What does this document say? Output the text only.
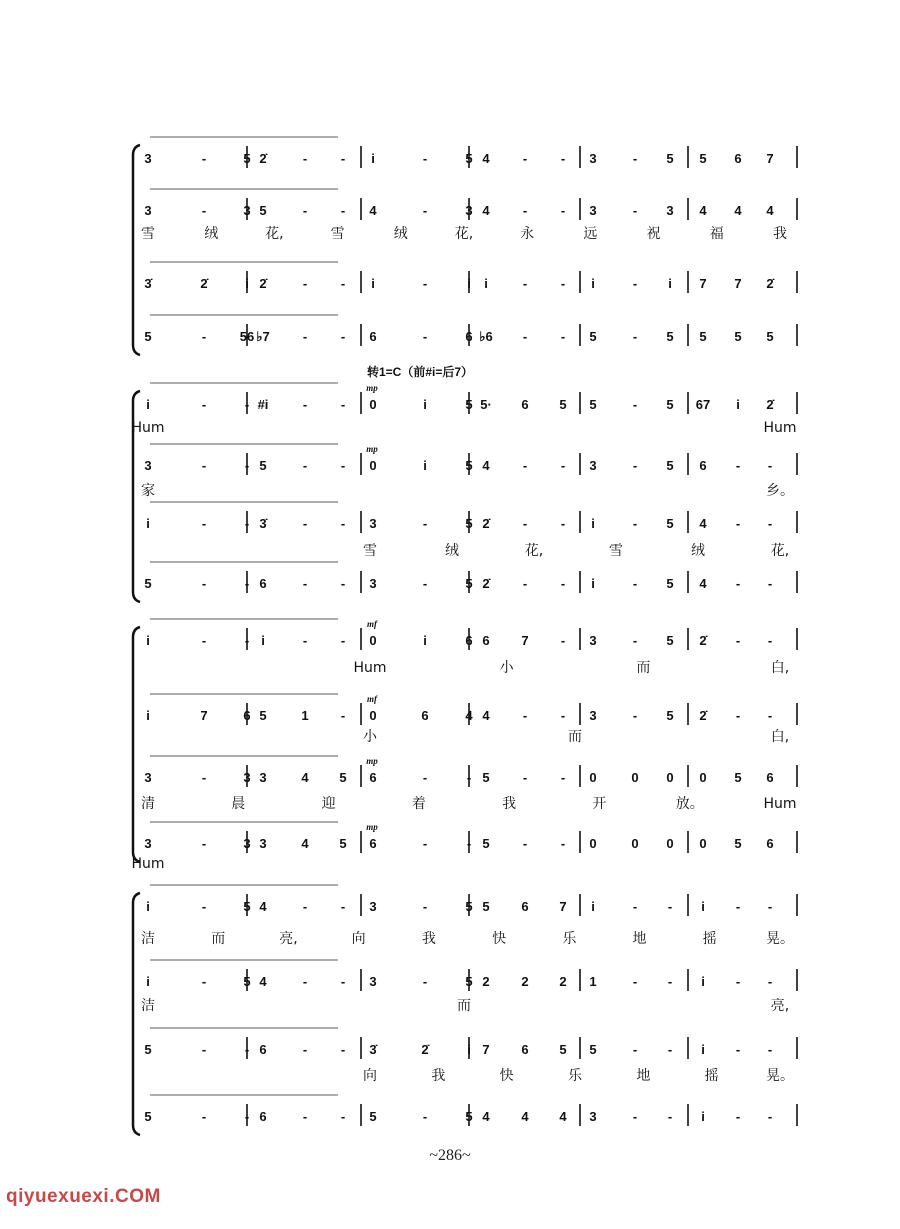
3	-	5 2̇	-	- i	-	5 4	-	- 3	- 5 5 6 7
3	-	3 5	-	- 4	-	3 4	-	- 3	- 3 4 4 4
雪	绒	花,	雪	绒	花,	永	远	祝	福	我
3̇	2̇	i 2̇	-	- i	-	i i	-	- i	- i 7 7 2̇
5	-	56 ♭7	-	- 6	-	6 ♭6 -	- 5	- 5 5 5 5
i	-	- #i	-	- 0	i	5 5· 6 5 5	- 5 67 i 2̇
mp
Hum	Hum
3	-	- 5	-	- 0	i	5 4	-	- 3	- 5 6 - -
mp
家	乡。
i	-	- 3̇	-	- 3	-	5 2̇	-	- i	- 5 4 - -
雪	绒	花,	雪	绒	花,
5	-	- 6	-	- 3	-	5 2̇	-	- i	- 5 4 - -
i	-	- i	-	- 0	i	6 6 7 - 3	- 5 2̇ - -
mf
Hum	小	而	白,
i	7	6 5	1 - 0	6	4 4	-	- 3	- 5 2̇ - -
mf
小	而	白,
3	-	3 3	4 5 6	-	- 5	-	- 0	0 0 0 5 6
mp
清	晨	迎	着	我	开	放。	Hum
3	-	3 3	4 5 6	-	- 5	-	- 0	0 0 0 5 6
mp
Hum
i	-	5 4	-	- 3	-	5 5 6 7 i	- - i - -
洁	而	亮,	向	我	快	乐	地	摇	晃。
i	-	5 4	-	- 3	-	5 2 2 2 1	- - i - -
洁	而	亮,
5	-	- 6	-	- 3̇	2̇	i 7 6 5 5	- - i - -
向	我	快	乐	地	摇	晃。
5	-	- 6	-	- 5	-	5 4 4 4 3	- - i - -
转1=C（前#i=后7）
~286~
qiyuexuexi.COM
